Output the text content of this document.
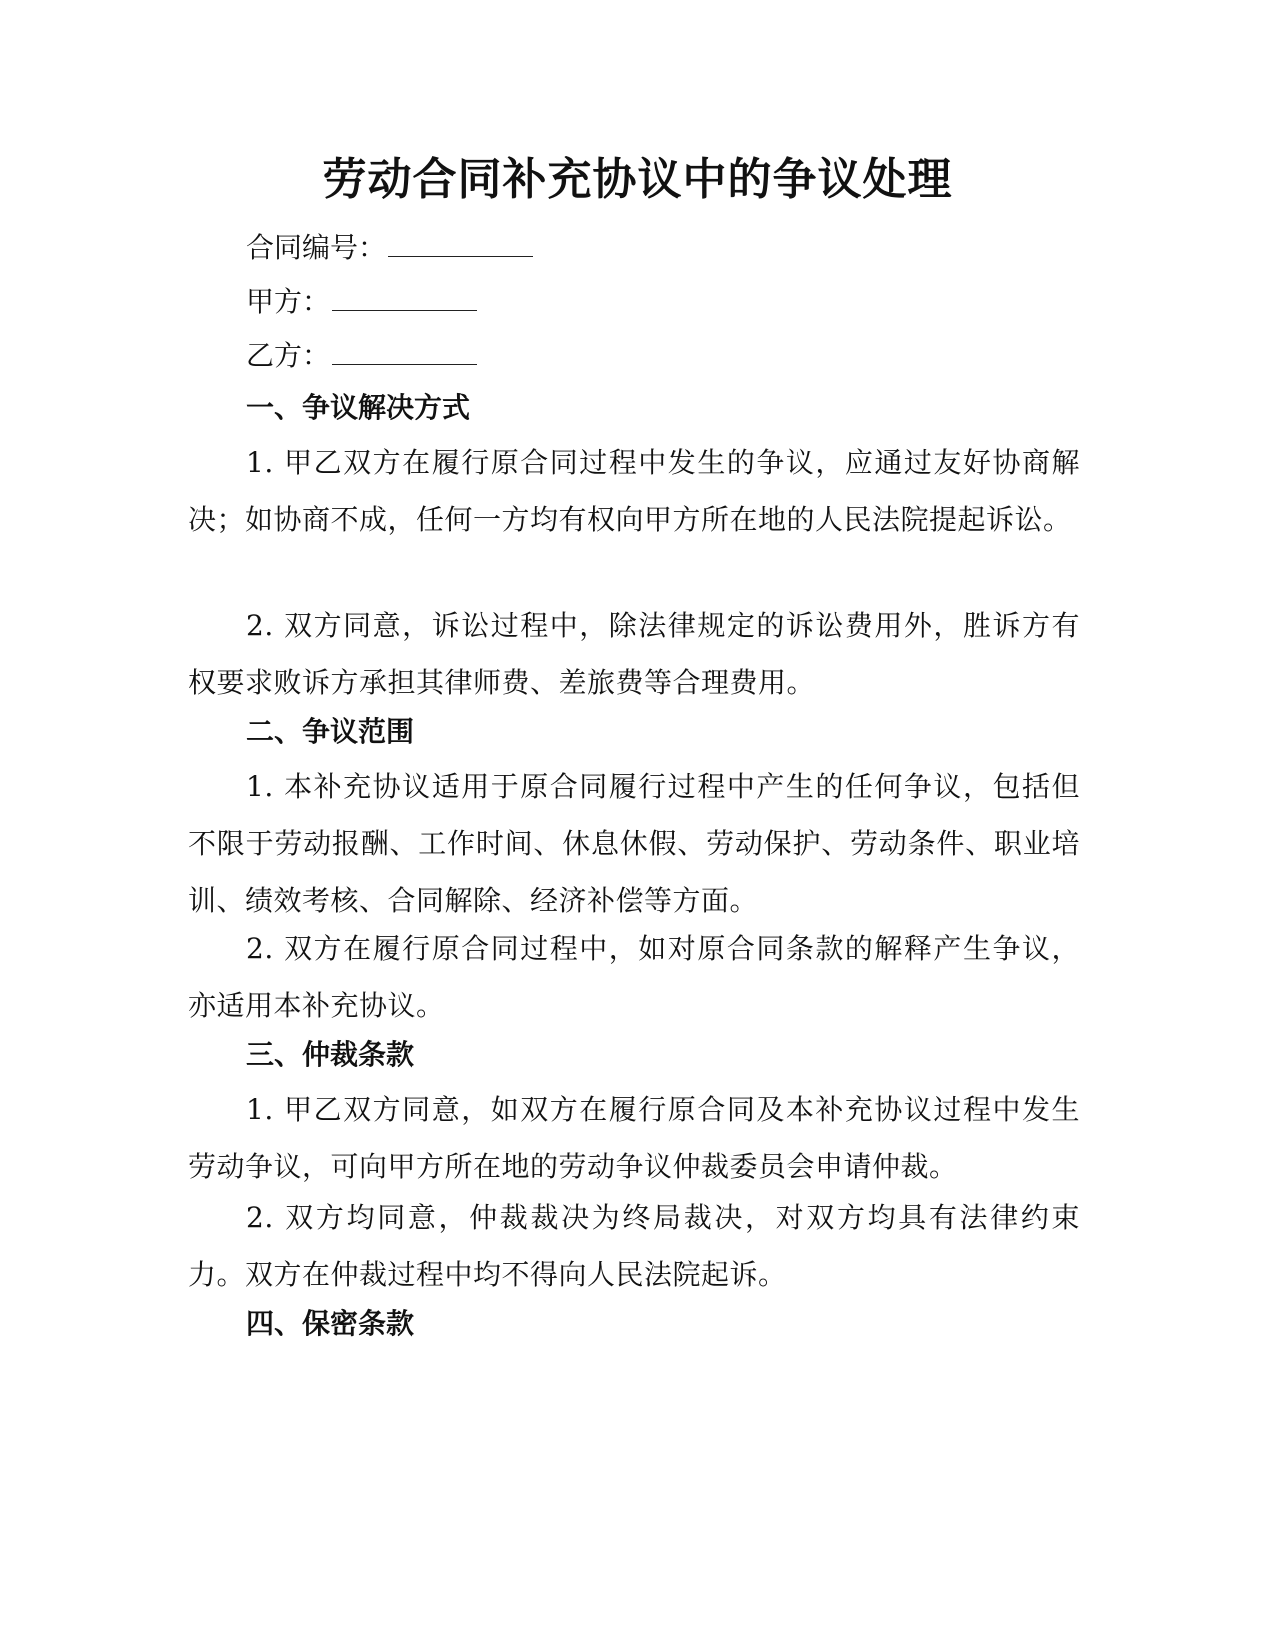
劳动合同补充协议中的争议处理
合同编号：
甲方：
乙方：
一、争议解决方式
1. 甲乙双方在履行原合同过程中发生的争议，应通过友好协商解决；如协商不成，任何一方均有权向甲方所在地的人民法院提起诉讼。
2. 双方同意，诉讼过程中，除法律规定的诉讼费用外，胜诉方有权要求败诉方承担其律师费、差旅费等合理费用。
二、争议范围
1. 本补充协议适用于原合同履行过程中产生的任何争议，包括但不限于劳动报酬、工作时间、休息休假、劳动保护、劳动条件、职业培训、绩效考核、合同解除、经济补偿等方面。
2. 双方在履行原合同过程中，如对原合同条款的解释产生争议，亦适用本补充协议。
三、仲裁条款
1. 甲乙双方同意，如双方在履行原合同及本补充协议过程中发生劳动争议，可向甲方所在地的劳动争议仲裁委员会申请仲裁。
2. 双方均同意，仲裁裁决为终局裁决，对双方均具有法律约束力。双方在仲裁过程中均不得向人民法院起诉。
四、保密条款
